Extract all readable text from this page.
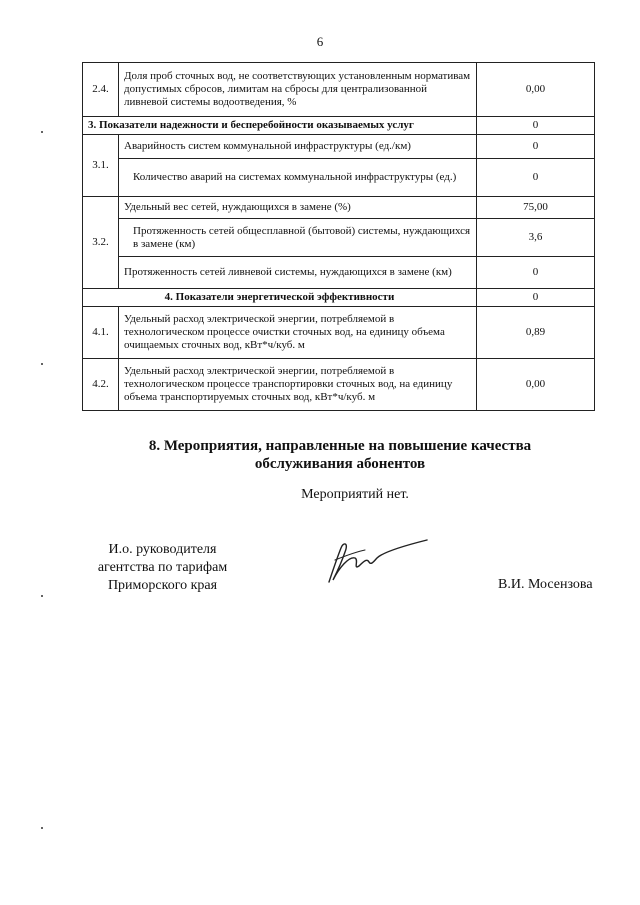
6
2.4.	Доля проб сточных вод, не соответствующих установленным нормативам допустимых сбросов, лимитам на сбросы для централизованной ливневой системы водоотведения, %	0,00
3. Показатели надежности и бесперебойности оказываемых услуг		0
3.1.	Аварийность систем коммунальной инфраструктуры (ед./км)	0
	Количество аварий на системах коммунальной инфраструктуры (ед.)	0
3.2.	Удельный вес сетей, нуждающихся в замене (%)	75,00
	Протяженность сетей общесплавной (бытовой) системы, нуждающихся в замене (км)	3,6
	Протяженность сетей ливневой системы, нуждающихся в замене (км)	0
4. Показатели энергетической эффективности		0
4.1.	Удельный расход электрической энергии, потребляемой в технологическом процессе очистки сточных вод, на единицу объема очищаемых сточных вод, кВт*ч/куб. м	0,89
4.2.	Удельный расход электрической энергии, потребляемой в технологическом процессе транспортировки сточных вод, на единицу объема транспортируемых сточных вод, кВт*ч/куб. м	0,00
8. Мероприятия, направленные на повышение качества
обслуживания абонентов
Мероприятий нет.
И.о. руководителя
агентства по тарифам
Приморского края	В.И. Мосензова
